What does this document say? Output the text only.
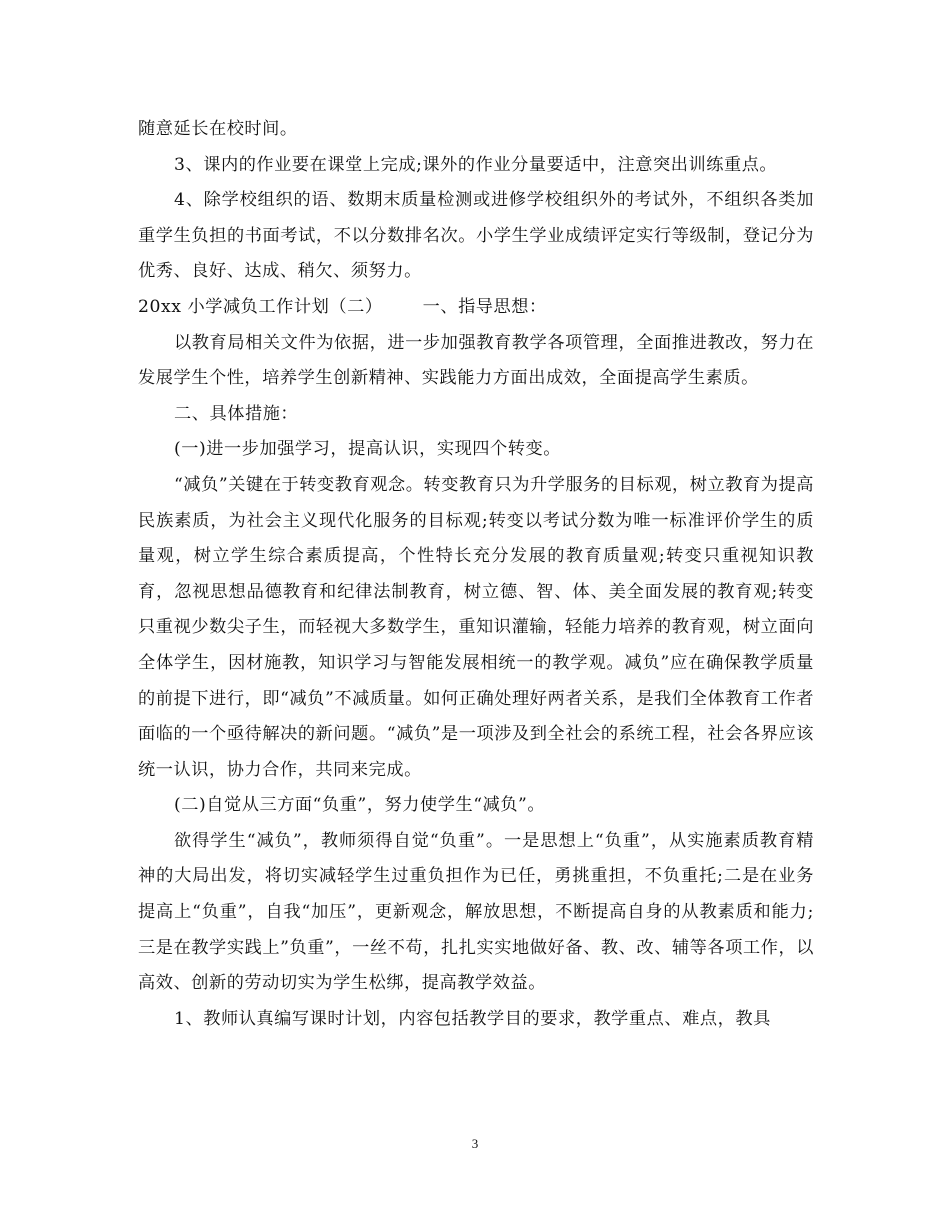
随意延长在校时间。

3、课内的作业要在课堂上完成;课外的作业分量要适中，注意突出训练重点。

4、除学校组织的语、数期末质量检测或进修学校组织外的考试外，不组织各类加重学生负担的书面考试，不以分数排名次。小学生学业成绩评定实行等级制，登记分为优秀、良好、达成、稍欠、须努力。

20xx 小学减负工作计划（二） 一、指导思想：

以教育局相关文件为依据，进一步加强教育教学各项管理，全面推进教改，努力在发展学生个性，培养学生创新精神、实践能力方面出成效，全面提高学生素质。

二、具体措施：

(一)进一步加强学习，提高认识，实现四个转变。

“减负”关键在于转变教育观念。转变教育只为升学服务的目标观，树立教育为提高民族素质，为社会主义现代化服务的目标观;转变以考试分数为唯一标准评价学生的质量观，树立学生综合素质提高，个性特长充分发展的教育质量观;转变只重视知识教育，忽视思想品德教育和纪律法制教育，树立德、智、体、美全面发展的教育观;转变只重视少数尖子生，而轻视大多数学生，重知识灌输，轻能力培养的教育观，树立面向全体学生，因材施教，知识学习与智能发展相统一的教学观。减负”应在确保教学质量的前提下进行，即“减负”不减质量。如何正确处理好两者关系，是我们全体教育工作者面临的一个亟待解决的新问题。“减负”是一项涉及到全社会的系统工程，社会各界应该统一认识，协力合作，共同来完成。

(二)自觉从三方面“负重”，努力使学生“减负”。

欲得学生“减负”，教师须得自觉“负重”。一是思想上“负重”，从实施素质教育精神的大局出发，将切实减轻学生过重负担作为已任，勇挑重担，不负重托;二是在业务提高上“负重”，自我“加压”，更新观念，解放思想，不断提高自身的从教素质和能力;三是在教学实践上”负重”，一丝不苟，扎扎实实地做好备、教、改、辅等各项工作，以高效、创新的劳动切实为学生松绑，提高教学效益。

1、教师认真编写课时计划，内容包括教学目的要求，教学重点、难点，教具

3
